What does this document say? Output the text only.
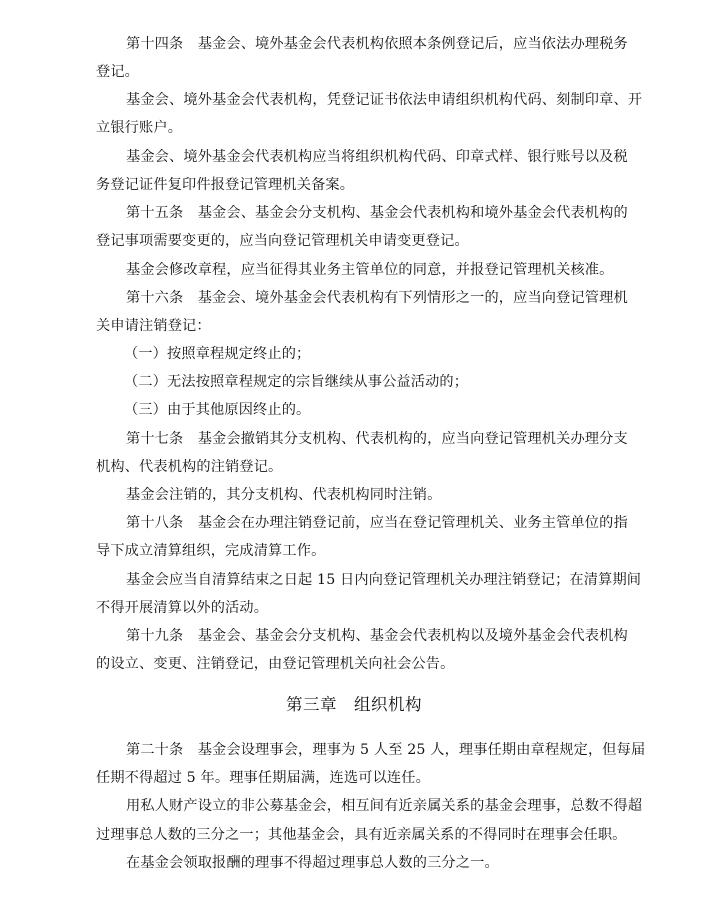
第十四条　基金会、境外基金会代表机构依照本条例登记后，应当依法办理税务
登记。
基金会、境外基金会代表机构，凭登记证书依法申请组织机构代码、刻制印章、开
立银行账户。
基金会、境外基金会代表机构应当将组织机构代码、印章式样、银行账号以及税
务登记证件复印件报登记管理机关备案。
第十五条　基金会、基金会分支机构、基金会代表机构和境外基金会代表机构的
登记事项需要变更的，应当向登记管理机关申请变更登记。
基金会修改章程，应当征得其业务主管单位的同意，并报登记管理机关核准。
第十六条　基金会、境外基金会代表机构有下列情形之一的，应当向登记管理机
关申请注销登记：
（一）按照章程规定终止的；
（二）无法按照章程规定的宗旨继续从事公益活动的；
（三）由于其他原因终止的。
第十七条　基金会撤销其分支机构、代表机构的，应当向登记管理机关办理分支
机构、代表机构的注销登记。
基金会注销的，其分支机构、代表机构同时注销。
第十八条　基金会在办理注销登记前，应当在登记管理机关、业务主管单位的指
导下成立清算组织，完成清算工作。
基金会应当自清算结束之日起 15 日内向登记管理机关办理注销登记；在清算期间
不得开展清算以外的活动。
第十九条　基金会、基金会分支机构、基金会代表机构以及境外基金会代表机构
的设立、变更、注销登记，由登记管理机关向社会公告。
第三章　组织机构
第二十条　基金会设理事会，理事为 5 人至 25 人，理事任期由章程规定，但每届
任期不得超过 5 年。理事任期届满，连选可以连任。
用私人财产设立的非公募基金会，相互间有近亲属关系的基金会理事，总数不得超
过理事总人数的三分之一；其他基金会，具有近亲属关系的不得同时在理事会任职。
在基金会领取报酬的理事不得超过理事总人数的三分之一。
